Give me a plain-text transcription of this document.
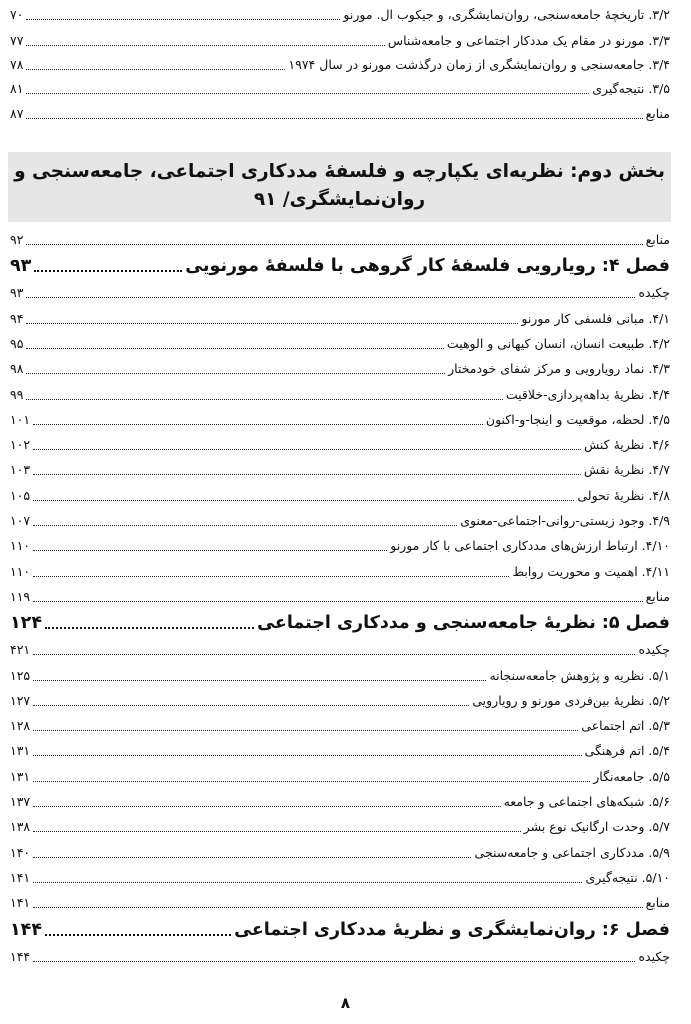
۳/۲. تاریخچهٔ جامعه‌سنجی، روان‌نمایشگری، و جیکوب ال. مورنو
۷۰
۳/۳. مورنو در مقام یک مددکار اجتماعی و جامعه‌شناس
۷۷
۳/۴. جامعه‌سنجی و روان‌نمایشگری از زمان درگذشت مورنو در سال ۱۹۷۴
۷۸
۳/۵. نتیجه‌گیری
۸۱
منابع
۸۷
منابع
۹۲
فصل ۴: رویارویی فلسفهٔ کار گروهی با فلسفهٔ مورنویی
۹۳
چکیده
۹۳
۴/۱. مبانی فلسفی کار مورنو
۹۴
۴/۲. طبیعت انسان، انسان کیهانی و الوهیت
۹۵
۴/۳. نماد رویارویی و مرکز شفای خودمختار
۹۸
۴/۴. نظریهٔ بداهه‌پردازی-خلاقیت
۹۹
۴/۵. لحظه، موقعیت و اینجا-و-اکنون
۱۰۱
۴/۶. نظریهٔ کنش
۱۰۲
۴/۷. نظریهٔ نقش
۱۰۳
۴/۸. نظریهٔ تحولی
۱۰۵
۴/۹. وجود زیستی-روانی-اجتماعی-معنوی
۱۰۷
۴/۱۰. ارتباط ارزش‌های مددکاری اجتماعی با کار مورنو
۱۱۰
۴/۱۱. اهمیت و محوریت روابط
۱۱۰
منابع
۱۱۹
فصل ۵: نظریهٔ جامعه‌سنجی و مددکاری اجتماعی
۱۲۴
چکیده
۴۲۱
۵/۱. نظریه و پژوهش جامعه‌سنجانه
۱۲۵
۵/۲. نظریهٔ بین‌فردی مورنو و رویارویی
۱۲۷
۵/۳. اتم اجتماعی
۱۲۸
۵/۴. اتم فرهنگی
۱۳۱
۵/۵. جامعه‌نگار
۱۳۱
۵/۶. شبکه‌های اجتماعی و جامعه
۱۳۷
۵/۷. وحدت ارگانیک نوع بشر
۱۳۸
۵/۹. مددکاری اجتماعی و جامعه‌سنجی
۱۴۰
۵/۱۰. نتیجه‌گیری
۱۴۱
منابع
۱۴۱
فصل ۶: روان‌نمایشگری و نظریهٔ مددکاری اجتماعی
۱۴۴
چکیده
۱۴۴
بخش دوم: نظریه‌ای یکپارچه و فلسفهٔ مددکاری اجتماعی، جامعه‌سنجی و روان‌نمایشگری/ ۹۱
۸
